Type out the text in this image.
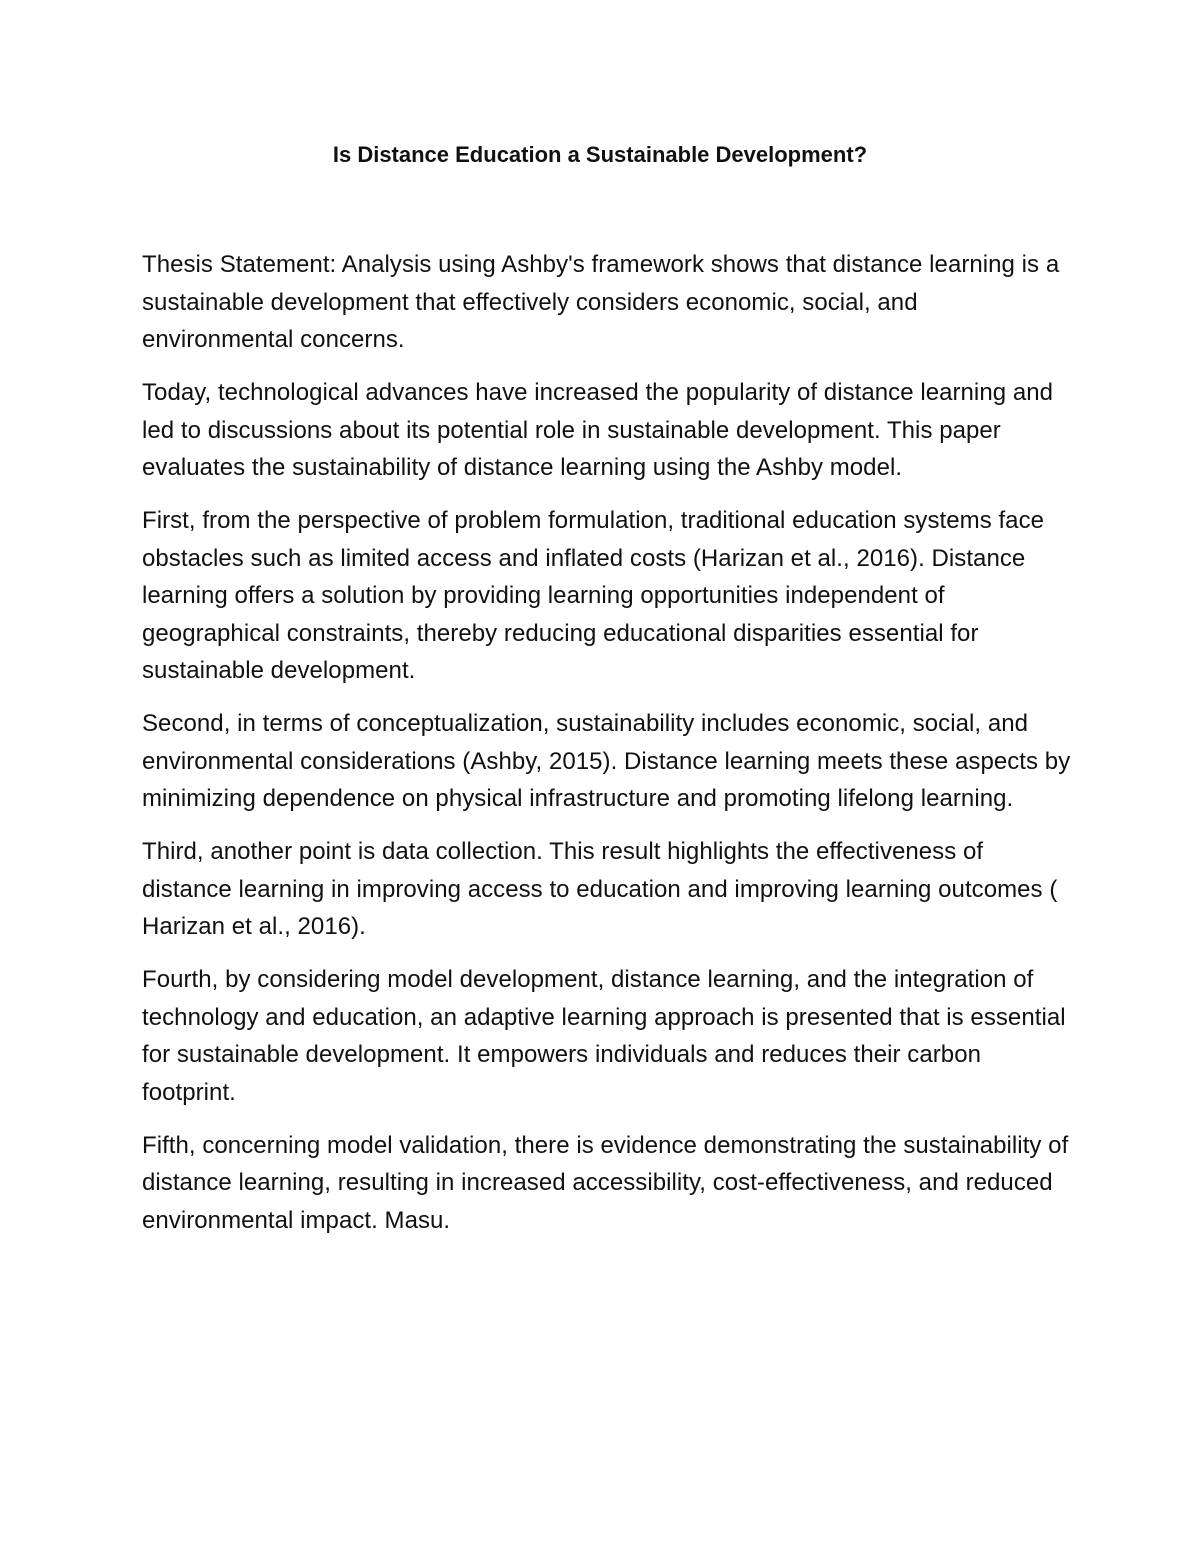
Is Distance Education a Sustainable Development?

Thesis Statement: Analysis using Ashby's framework shows that distance learning is a sustainable development that effectively considers economic, social, and environmental concerns.

Today, technological advances have increased the popularity of distance learning and led to discussions about its potential role in sustainable development. This paper evaluates the sustainability of distance learning using the Ashby model.

First, from the perspective of problem formulation, traditional education systems face obstacles such as limited access and inflated costs (Harizan et al., 2016). Distance learning offers a solution by providing learning opportunities independent of geographical constraints, thereby reducing educational disparities essential for sustainable development.

Second, in terms of conceptualization, sustainability includes economic, social, and environmental considerations (Ashby, 2015). Distance learning meets these aspects by minimizing dependence on physical infrastructure and promoting lifelong learning.

Third, another point is data collection. This result highlights the effectiveness of distance learning in improving access to education and improving learning outcomes ( Harizan et al., 2016).

Fourth, by considering model development, distance learning, and the integration of technology and education, an adaptive learning approach is presented that is essential for sustainable development. It empowers individuals and reduces their carbon footprint.

Fifth, concerning model validation, there is evidence demonstrating the sustainability of distance learning, resulting in increased accessibility, cost-effectiveness, and reduced environmental impact. Masu.
